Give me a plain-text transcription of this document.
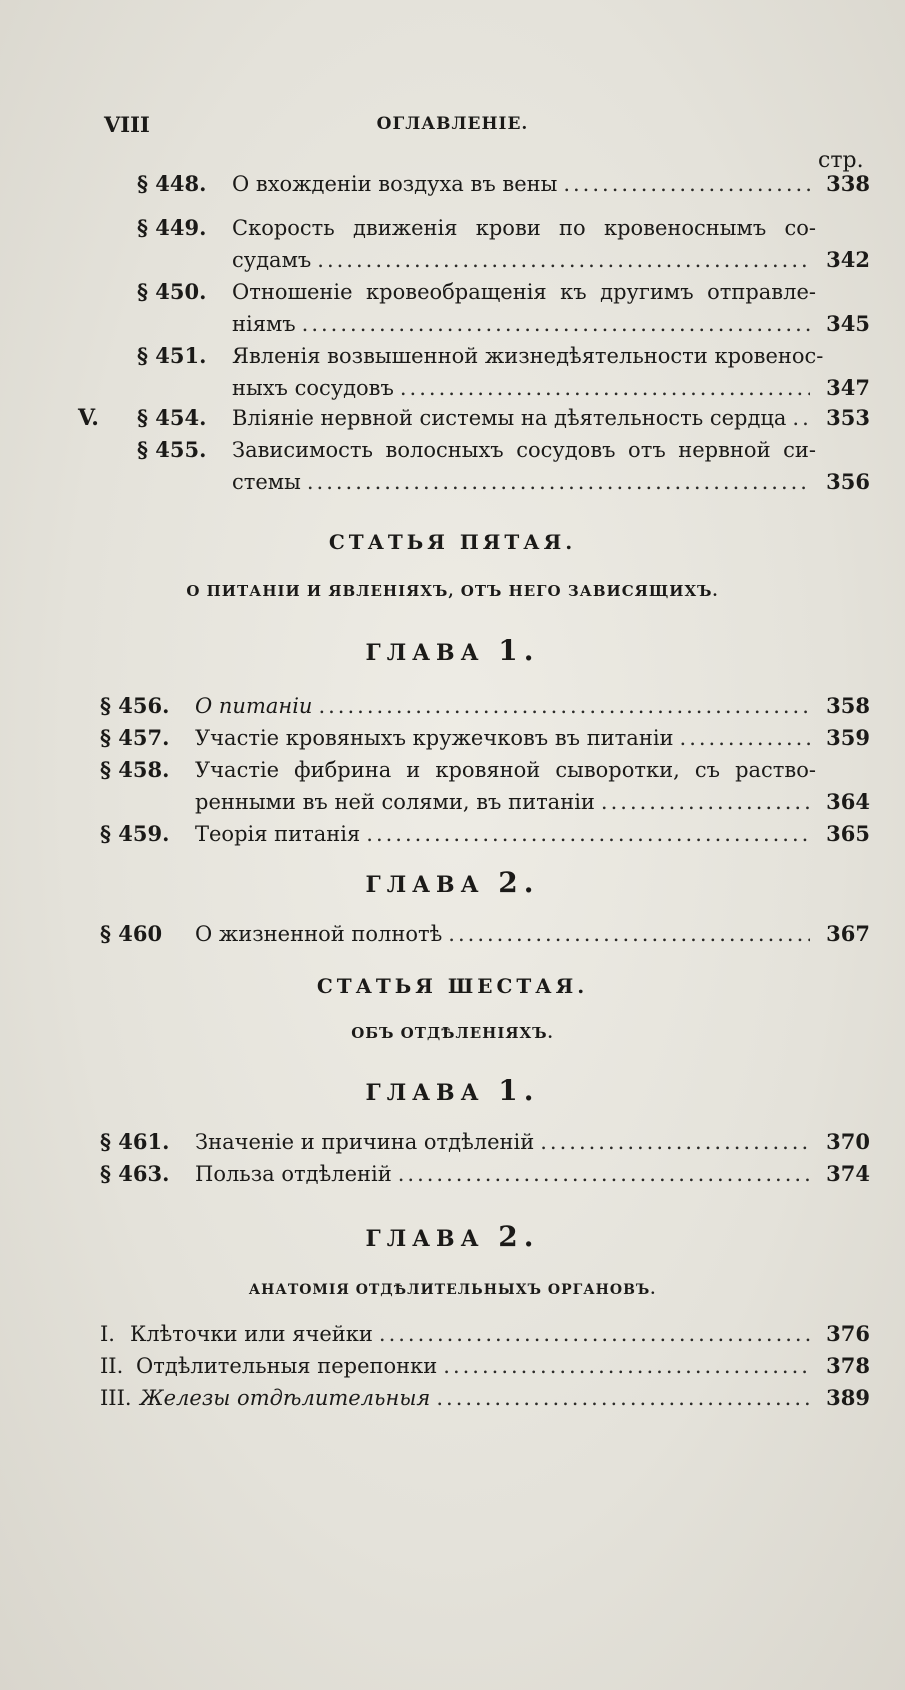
VIII	ОГЛАВЛЕНІЕ.
стр.
§ 448. О вхожденіи воздуха въ вены .....	338
§ 449. Скорость движенія крови по кровеноснымъ со-
судамъ .....	342
§ 450. Отношеніе кровеобращенія къ другимъ отправле-
ніямъ .....	345
§ 451. Явленія возвышенной жизнедѣятельности кровенос-
ныхъ сосудовъ .....	347
V. § 454. Вліяніе нервной системы на дѣятельность сердца .....	353
§ 455. Зависимость волосныхъ сосудовъ отъ нервной си-
стемы .....	356
СТАТЬЯ ПЯТАЯ.
О ПИТАНІИ И ЯВЛЕНІЯХЪ, ОТЪ НЕГО ЗАВИСЯЩИХЪ.
ГЛАВА 1.
§ 456. О питаніи .....	358
§ 457. Участіе кровяныхъ кружечковъ въ питаніи .....	359
§ 458. Участіе фибрина и кровяной сыворотки, съ раство-
ренными въ ней солями, въ питаніи .....	364
§ 459. Теорія питанія .....	365
ГЛАВА 2.
§ 460 О жизненной полнотѣ .....	367
СТАТЬЯ ШЕСТАЯ.
ОБЪ ОТДѢЛЕНІЯХЪ.
ГЛАВА 1.
§ 461. Значеніе и причина отдѣленій .....	370
§ 463. Польза отдѣленій .....	374
ГЛАВА 2.
АНАТОМІЯ ОТДѢЛИТЕЛЬНЫХЪ ОРГАНОВЪ.
I. Клѣточки или ячейки .....	376
II. Отдѣлительныя перепонки .....	378
III. Железы отдѣлительныя .....	389
